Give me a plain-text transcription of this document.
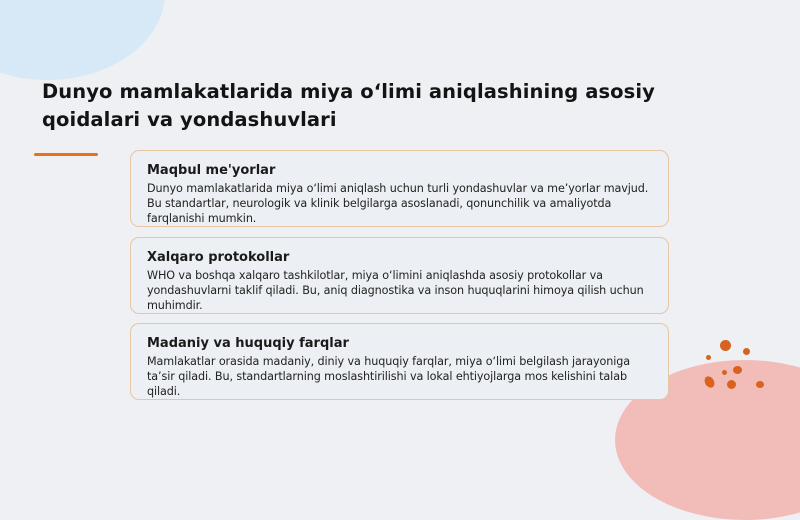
Dunyo mamlakatlarida miya o‘limi aniqlashining asosiy qoidalari va yondashuvlari
Maqbul me'yorlar

Dunyo mamlakatlarida miya o‘limi aniqlash uchun turli yondashuvlar va me’yorlar mavjud. Bu standartlar, neurologik va klinik belgilarga asoslanadi, qonunchilik va amaliyotda farqlanishi mumkin.

Xalqaro protokollar

WHO va boshqa xalqaro tashkilotlar, miya o‘limini aniqlashda asosiy protokollar va yondashuvlarni taklif qiladi. Bu, aniq diagnostika va inson huquqlarini himoya qilish uchun muhimdir.

Madaniy va huquqiy farqlar

Mamlakatlar orasida madaniy, diniy va huquqiy farqlar, miya o‘limi belgilash jarayoniga ta’sir qiladi. Bu, standartlarning moslashtirilishi va lokal ehtiyojlarga mos kelishini talab qiladi.
